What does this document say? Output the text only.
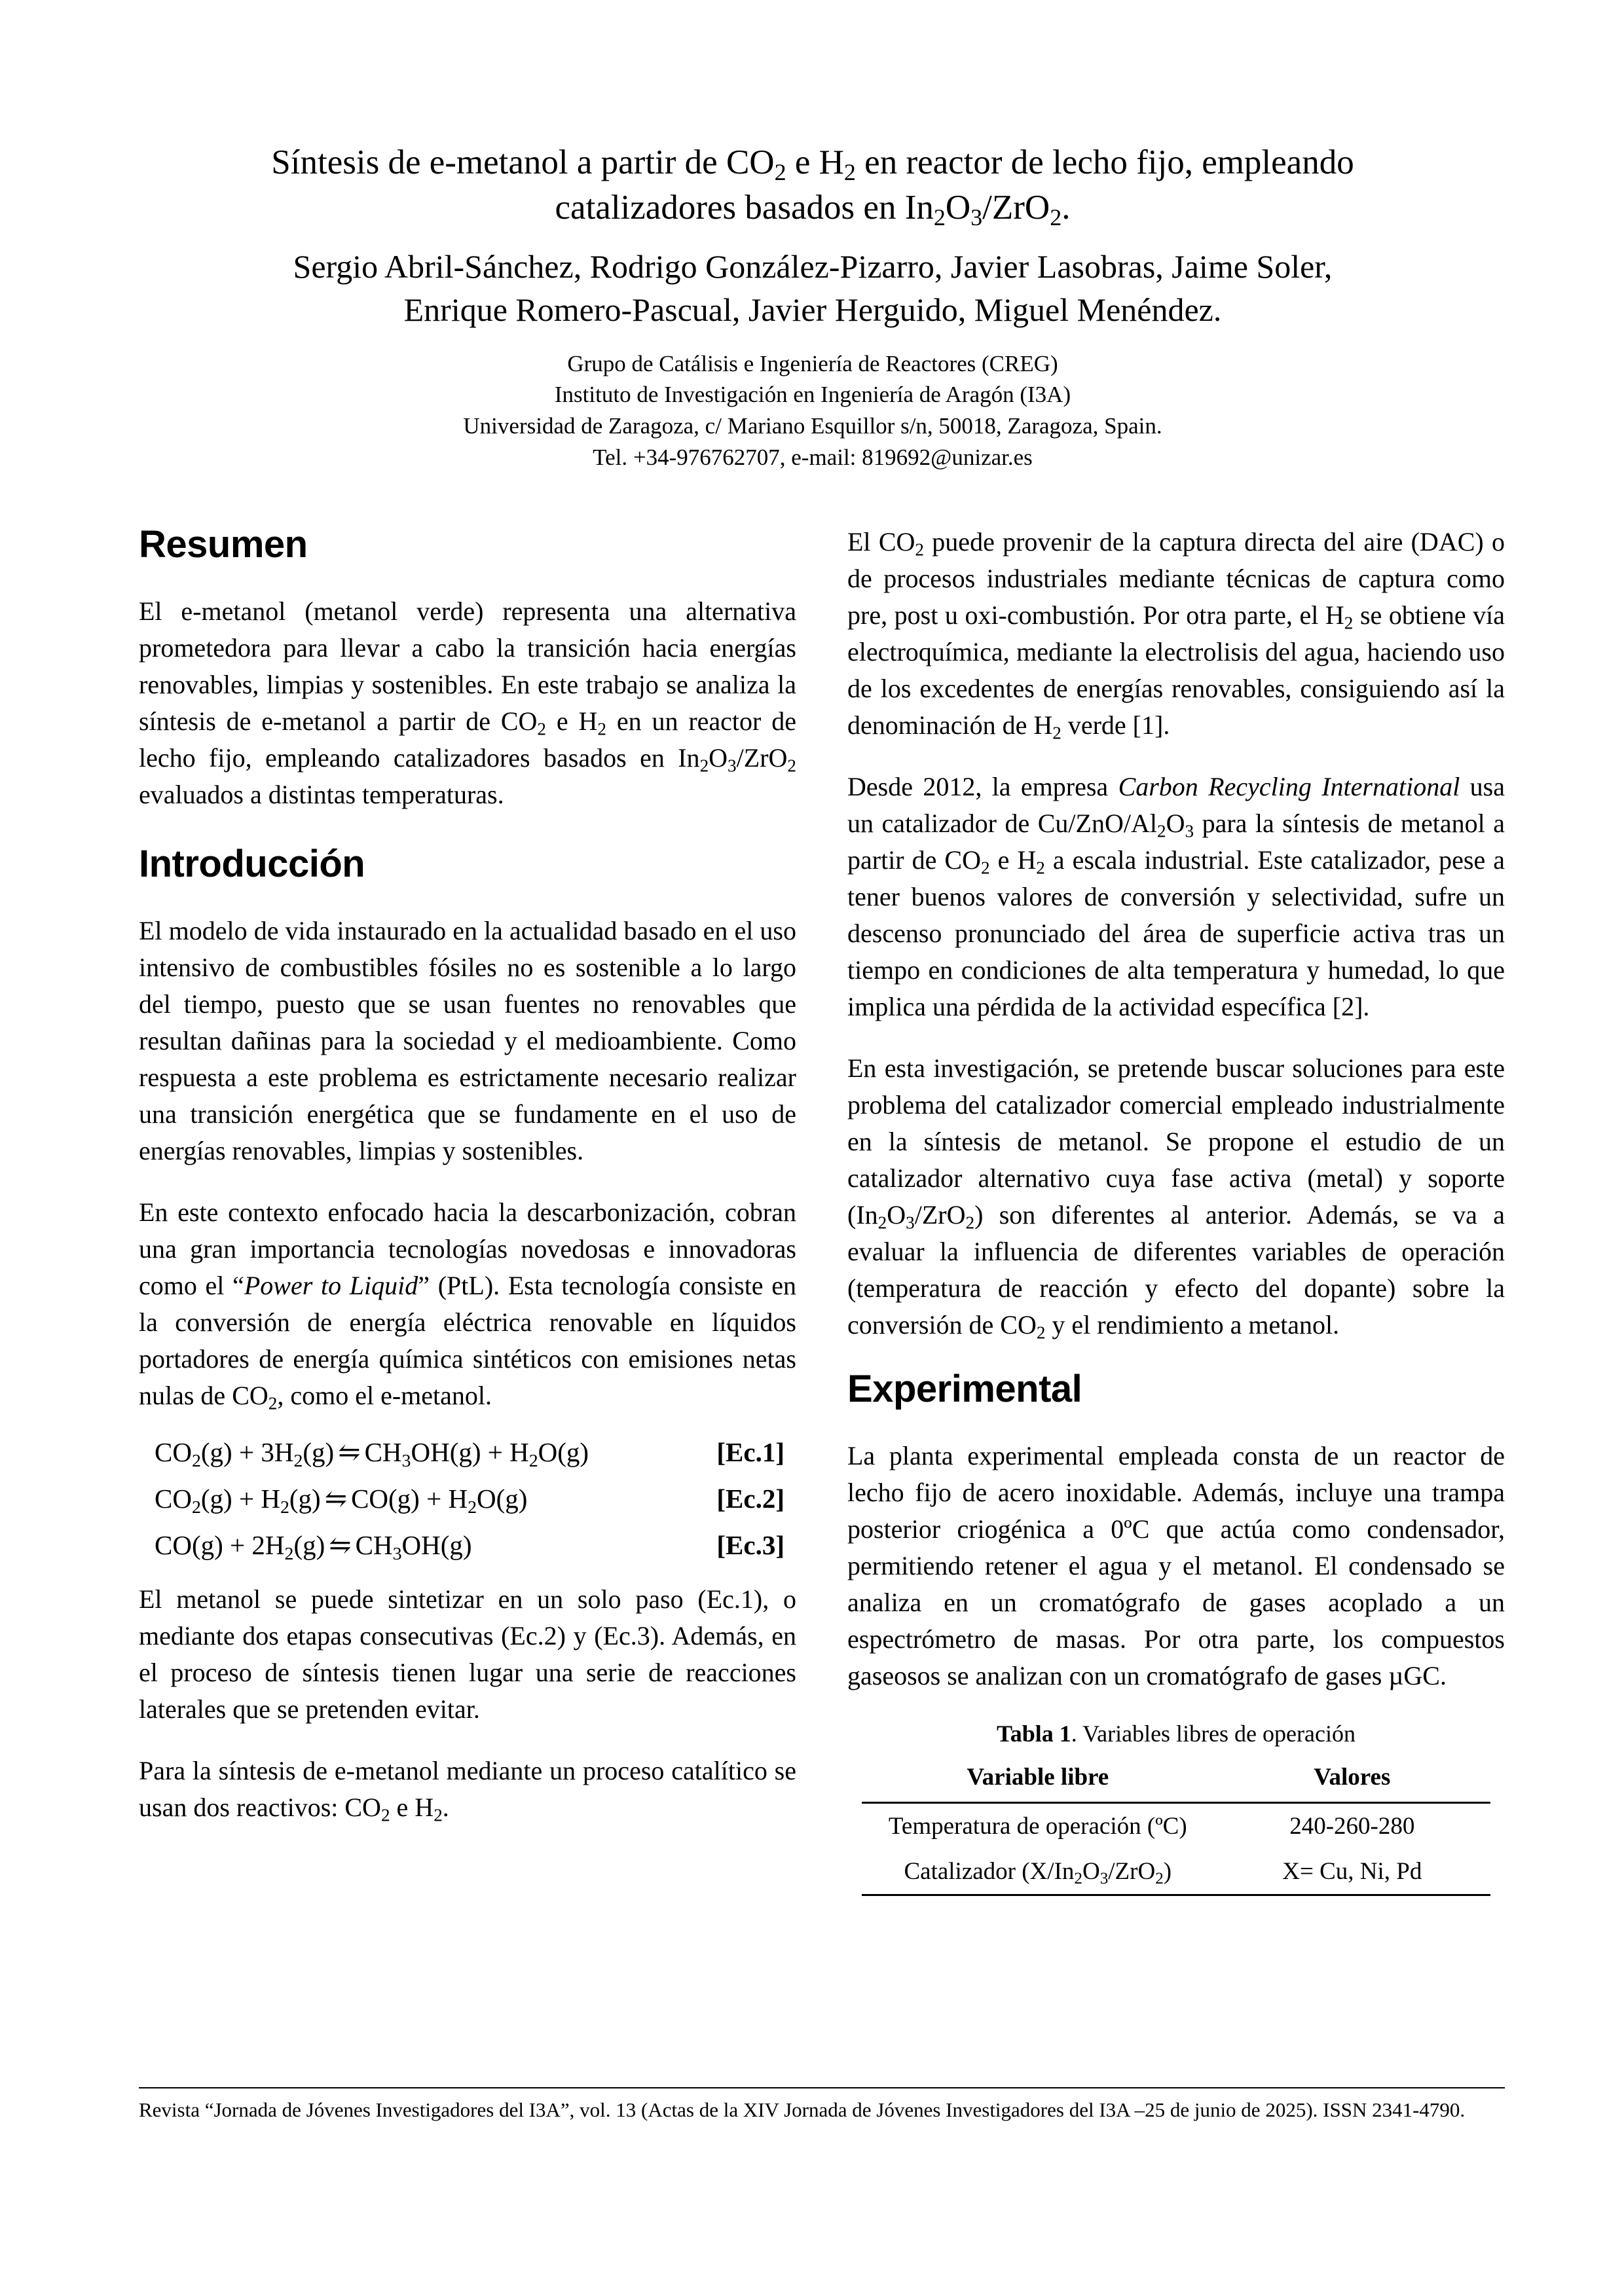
Síntesis de e-metanol a partir de $CO_2$ e $H_2$ en reactor de lecho fijo, empleando
catalizadores basados en $In_2O_3/ZrO_2$.
Sergio Abril-Sánchez, Rodrigo González-Pizarro, Javier Lasobras, Jaime Soler,
Enrique Romero-Pascual, Javier Herguido, Miguel Menéndez.
Grupo de Catálisis e Ingeniería de Reactores (CREG)
Instituto de Investigación en Ingeniería de Aragón (I3A)
Universidad de Zaragoza, c/ Mariano Esquillor s/n, 50018, Zaragoza, Spain.
Tel. +34-976762707, e-mail: 819692@unizar.es
Resumen

El e-metanol (metanol verde) representa una alternativa prometedora para llevar a cabo la transición hacia energías renovables, limpias y sostenibles. En este trabajo se analiza la síntesis de e-metanol a partir de $CO_2$ e $H_2$ en un reactor de lecho fijo, empleando catalizadores basados en $In_2O_3/ZrO_2$ evaluados a distintas temperaturas.

Introducción

El modelo de vida instaurado en la actualidad basado en el uso intensivo de combustibles fósiles no es sostenible a lo largo del tiempo, puesto que se usan fuentes no renovables que resultan dañinas para la sociedad y el medioambiente. Como respuesta a este problema es estrictamente necesario realizar una transición energética que se fundamente en el uso de energías renovables, limpias y sostenibles.

En este contexto enfocado hacia la descarbonización, cobran una gran importancia tecnologías novedosas e innovadoras como el “Power to Liquid” (PtL). Esta tecnología consiste en la conversión de energía eléctrica renovable en líquidos portadores de energía química sintéticos con emisiones netas nulas de $CO_2$, como el e-metanol.

$CO_2(g) + 3H_2(g)$ ⇋ $CH_3OH(g) + H_2O(g)$	[Ec.1]
$CO_2(g) + H_2(g)$ ⇋ $CO(g) + H_2O(g)$	[Ec.2]
$CO(g) + 2H_2(g)$ ⇋ $CH_3OH(g)$	[Ec.3]

El metanol se puede sintetizar en un solo paso (Ec.1), o mediante dos etapas consecutivas (Ec.2) y (Ec.3). Además, en el proceso de síntesis tienen lugar una serie de reacciones laterales que se pretenden evitar.

Para la síntesis de e-metanol mediante un proceso catalítico se usan dos reactivos: $CO_2$ e $H_2$.

El $CO_2$ puede provenir de la captura directa del aire (DAC) o de procesos industriales mediante técnicas de captura como pre, post u oxi-combustión. Por otra parte, el $H_2$ se obtiene vía electroquímica, mediante la electrolisis del agua, haciendo uso de los excedentes de energías renovables, consiguiendo así la denominación de $H_2$ verde [1].

Desde 2012, la empresa Carbon Recycling International usa un catalizador de $Cu/ZnO/Al_2O_3$ para la síntesis de metanol a partir de $CO_2$ e $H_2$ a escala industrial. Este catalizador, pese a tener buenos valores de conversión y selectividad, sufre un descenso pronunciado del área de superficie activa tras un tiempo en condiciones de alta temperatura y humedad, lo que implica una pérdida de la actividad específica [2].

En esta investigación, se pretende buscar soluciones para este problema del catalizador comercial empleado industrialmente en la síntesis de metanol. Se propone el estudio de un catalizador alternativo cuya fase activa (metal) y soporte $(In_2O_3/ZrO_2)$ son diferentes al anterior. Además, se va a evaluar la influencia de diferentes variables de operación (temperatura de reacción y efecto del dopante) sobre la conversión de $CO_2$ y el rendimiento a metanol.

Experimental

La planta experimental empleada consta de un reactor de lecho fijo de acero inoxidable. Además, incluye una trampa posterior criogénica a 0ºC que actúa como condensador, permitiendo retener el agua y el metanol. El condensado se analiza en un cromatógrafo de gases acoplado a un espectrómetro de masas. Por otra parte, los compuestos gaseosos se analizan con un cromatógrafo de gases µGC.

Tabla 1. Variables libres de operación
Variable libre	Valores
Temperatura de operación (ºC)	240-260-280
Catalizador $(X/In_2O_3/ZrO_2)$	X= Cu, Ni, Pd

Revista “Jornada de Jóvenes Investigadores del I3A”, vol. 13 (Actas de la XIV Jornada de Jóvenes Investigadores del I3A –25 de junio de 2025). ISSN 2341-4790.
